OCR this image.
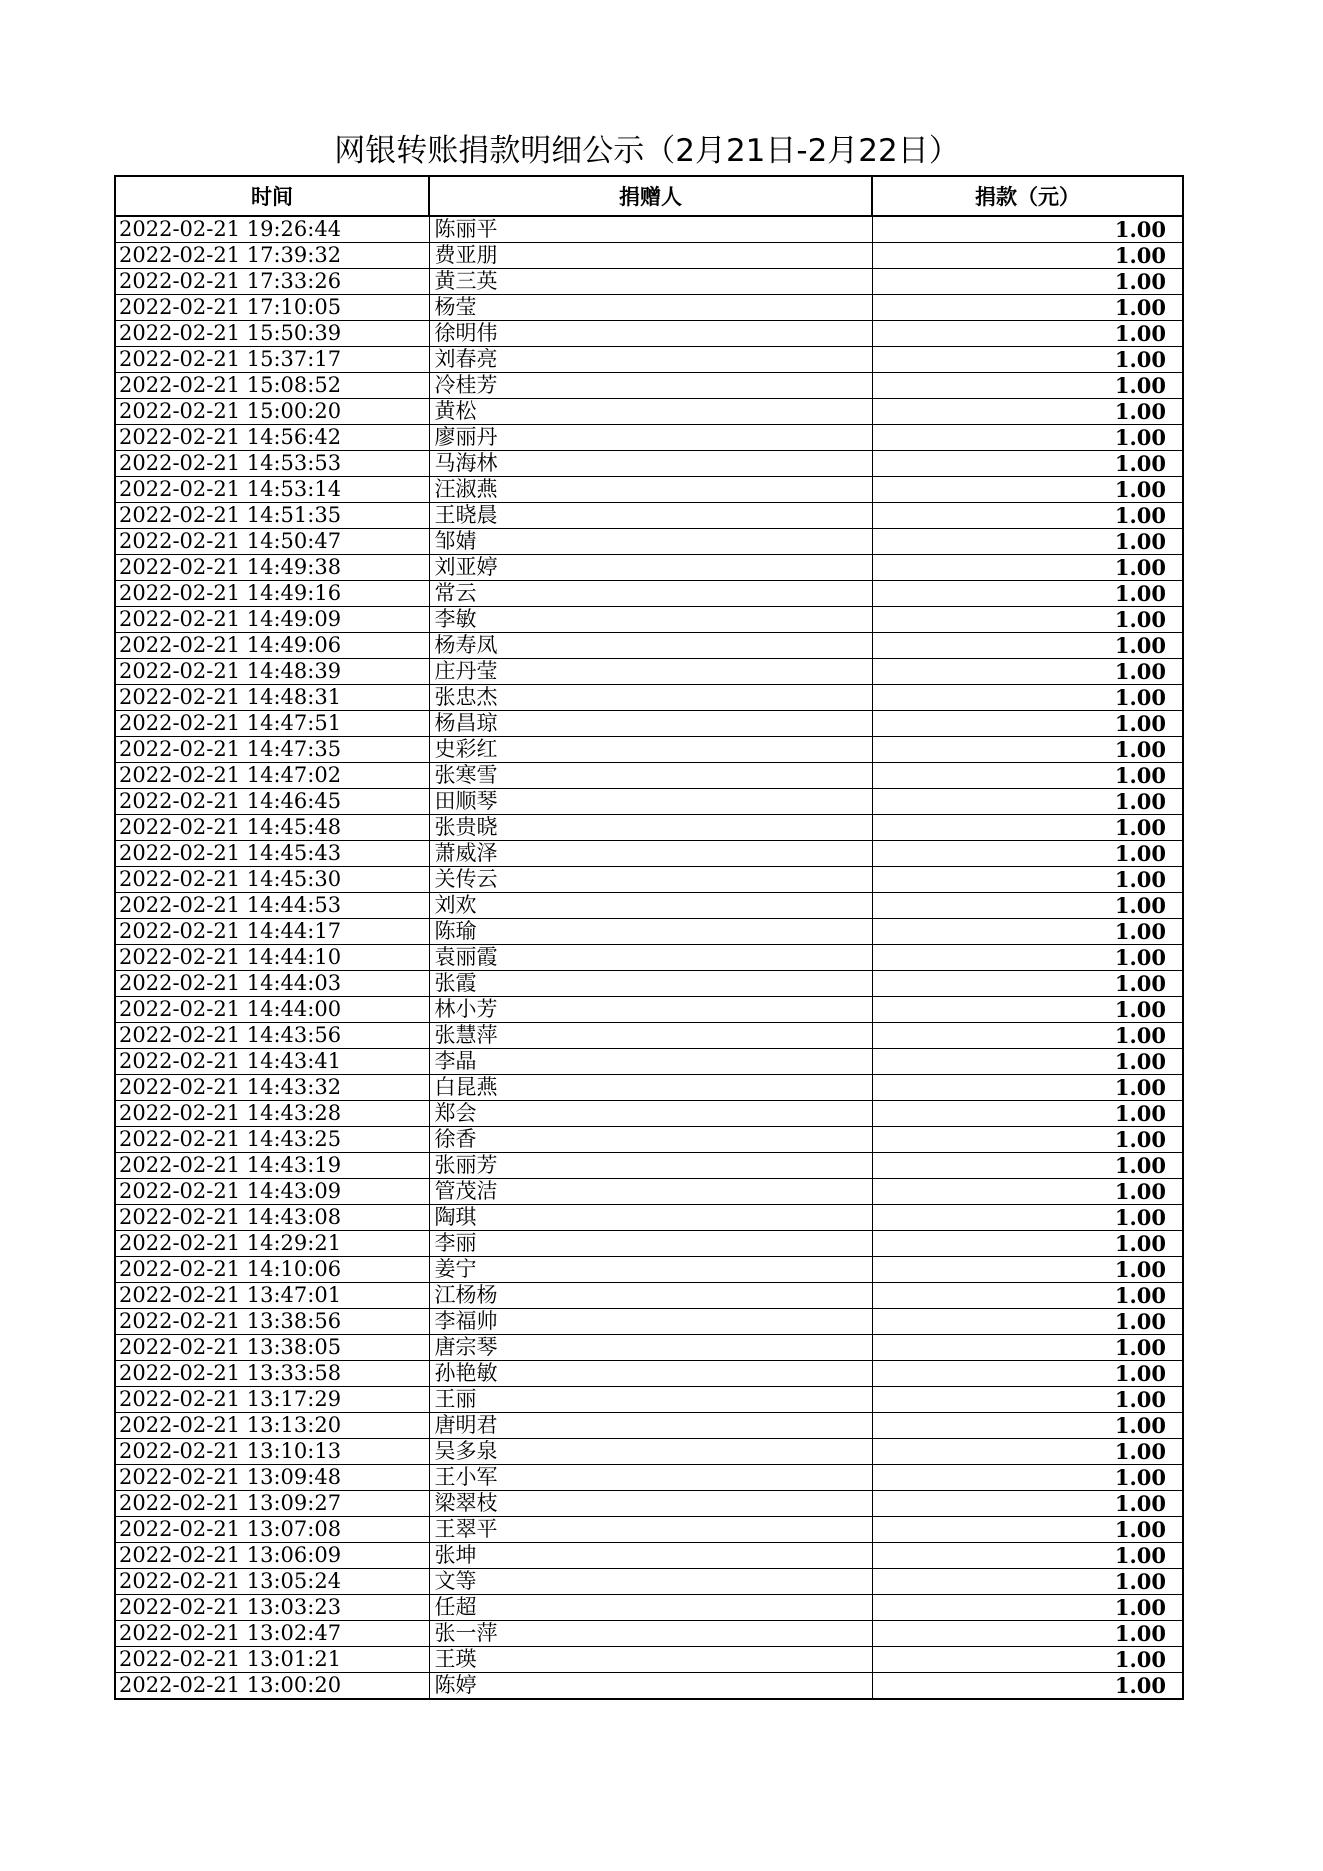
网银转账捐款明细公示（2月21日-2月22日）
时间	捐赠人	捐款（元）
2022-02-21 19:26:44	陈丽平	1.00
2022-02-21 17:39:32	费亚朋	1.00
2022-02-21 17:33:26	黄三英	1.00
2022-02-21 17:10:05	杨莹	1.00
2022-02-21 15:50:39	徐明伟	1.00
2022-02-21 15:37:17	刘春亮	1.00
2022-02-21 15:08:52	冷桂芳	1.00
2022-02-21 15:00:20	黄松	1.00
2022-02-21 14:56:42	廖丽丹	1.00
2022-02-21 14:53:53	马海林	1.00
2022-02-21 14:53:14	汪淑燕	1.00
2022-02-21 14:51:35	王晓晨	1.00
2022-02-21 14:50:47	邹婧	1.00
2022-02-21 14:49:38	刘亚婷	1.00
2022-02-21 14:49:16	常云	1.00
2022-02-21 14:49:09	李敏	1.00
2022-02-21 14:49:06	杨寿凤	1.00
2022-02-21 14:48:39	庄丹莹	1.00
2022-02-21 14:48:31	张忠杰	1.00
2022-02-21 14:47:51	杨昌琼	1.00
2022-02-21 14:47:35	史彩红	1.00
2022-02-21 14:47:02	张寒雪	1.00
2022-02-21 14:46:45	田顺琴	1.00
2022-02-21 14:45:48	张贵晓	1.00
2022-02-21 14:45:43	萧威泽	1.00
2022-02-21 14:45:30	关传云	1.00
2022-02-21 14:44:53	刘欢	1.00
2022-02-21 14:44:17	陈瑜	1.00
2022-02-21 14:44:10	袁丽霞	1.00
2022-02-21 14:44:03	张霞	1.00
2022-02-21 14:44:00	林小芳	1.00
2022-02-21 14:43:56	张慧萍	1.00
2022-02-21 14:43:41	李晶	1.00
2022-02-21 14:43:32	白昆燕	1.00
2022-02-21 14:43:28	郑会	1.00
2022-02-21 14:43:25	徐香	1.00
2022-02-21 14:43:19	张丽芳	1.00
2022-02-21 14:43:09	管茂洁	1.00
2022-02-21 14:43:08	陶琪	1.00
2022-02-21 14:29:21	李丽	1.00
2022-02-21 14:10:06	姜宁	1.00
2022-02-21 13:47:01	江杨杨	1.00
2022-02-21 13:38:56	李福帅	1.00
2022-02-21 13:38:05	唐宗琴	1.00
2022-02-21 13:33:58	孙艳敏	1.00
2022-02-21 13:17:29	王丽	1.00
2022-02-21 13:13:20	唐明君	1.00
2022-02-21 13:10:13	吴多泉	1.00
2022-02-21 13:09:48	王小军	1.00
2022-02-21 13:09:27	梁翠枝	1.00
2022-02-21 13:07:08	王翠平	1.00
2022-02-21 13:06:09	张坤	1.00
2022-02-21 13:05:24	文等	1.00
2022-02-21 13:03:23	任超	1.00
2022-02-21 13:02:47	张一萍	1.00
2022-02-21 13:01:21	王瑛	1.00
2022-02-21 13:00:20	陈婷	1.00
